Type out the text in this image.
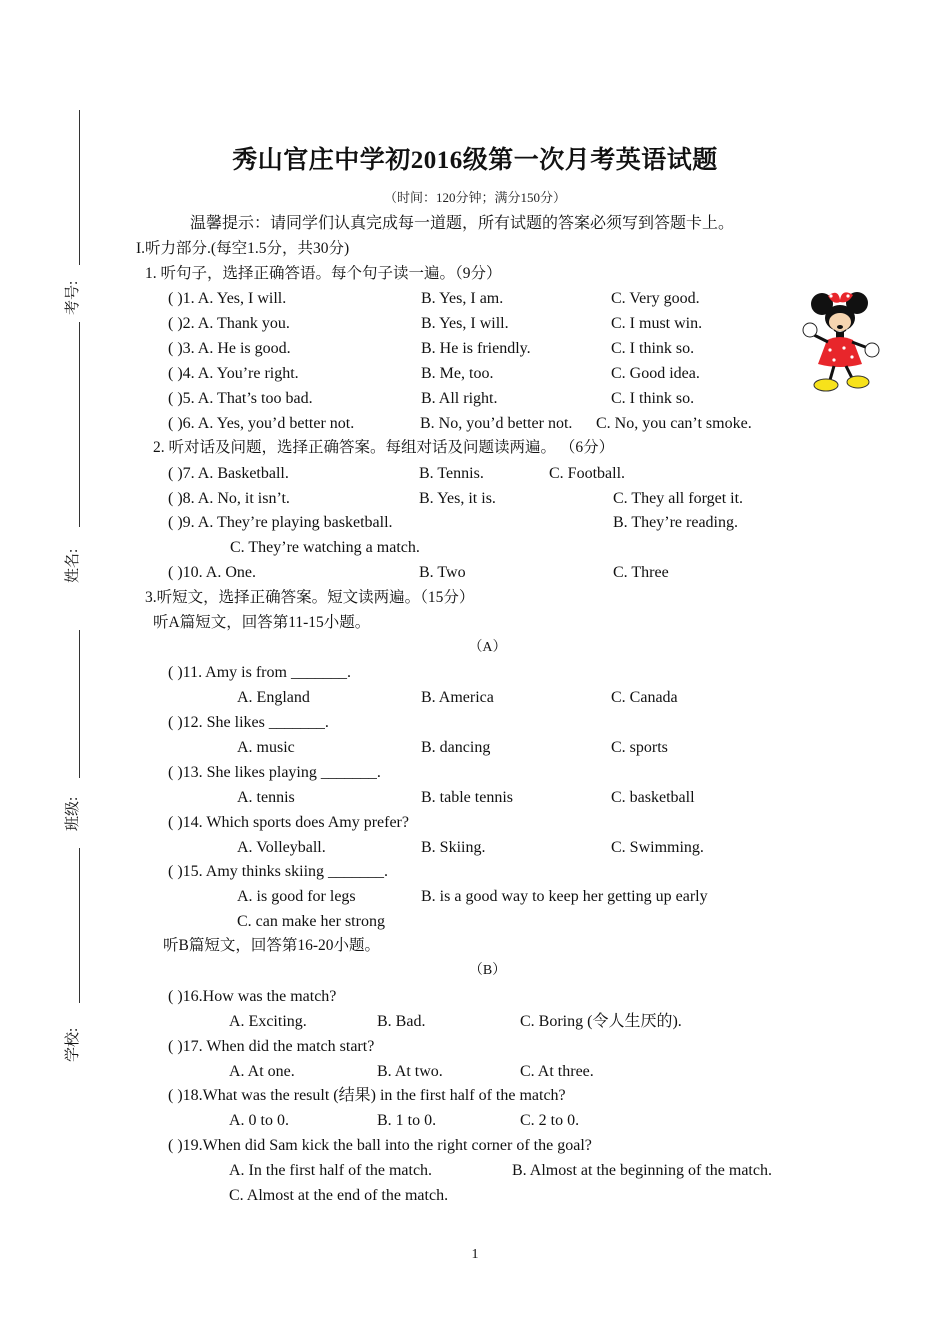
考号:
姓名:
班级:
学校:
秀山官庄中学初2016级第一次月考英语试题
（时间：120分钟；满分150分）
温馨提示：请同学们认真完成每一道题，所有试题的答案必须写到答题卡上。
I.听力部分.(每空1.5分，共30分)
1. 听句子，选择正确答语。每个句子读一遍。（9分）
( )1. A. Yes, I will.	B. Yes, I am.	C. Very good.
( )2. A. Thank you.	B. Yes, I will.	C. I must win.
( )3. A. He is good.	B. He is friendly.	C. I think so.
( )4. A. You’re right.	B. Me, too.	C. Good idea.
( )5. A. That’s too bad.	B. All right.	C. I think so.
( )6. A. Yes, you’d better not.	B. No, you’d better not. C. No, you can’t smoke.
2. 听对话及问题，选择正确答案。每组对话及问题读两遍。 （6分）
( )7. A. Basketball.	B. Tennis.	C. Football.
( )8. A. No, it isn’t.	B. Yes, it is.	C. They all forget it.
( )9. A. They’re playing basketball.	B. They’re reading.
C. They’re watching a match.
( )10. A. One.	B. Two	C. Three
3.听短文，选择正确答案。短文读两遍。（15分）
听A篇短文，回答第11-15小题。
（A）
( )11. Amy is from _______.
A. England	B. America	C. Canada
( )12. She likes _______.
A. music	B. dancing	C. sports
( )13. She likes playing _______.
A. tennis	B. table tennis	C. basketball
( )14. Which sports does Amy prefer?
A. Volleyball.	B. Skiing.	C. Swimming.
( )15. Amy thinks skiing _______.
A. is good for legs	B. is a good way to keep her getting up early
C. can make her strong
听B篇短文，回答第16-20小题。
（B）
( )16.How was the match?
A. Exciting.	B. Bad.	C. Boring (令人生厌的).
( )17. When did the match start?
A. At one.	B. At two.	C. At three.
( )18.What was the result (结果) in the first half of the match?
A. 0 to 0.	B. 1 to 0.	C. 2 to 0.
( )19.When did Sam kick the ball into the right corner of the goal?
A. In the first half of the match.	B. Almost at the beginning of the match.
C. Almost at the end of the match.
1
